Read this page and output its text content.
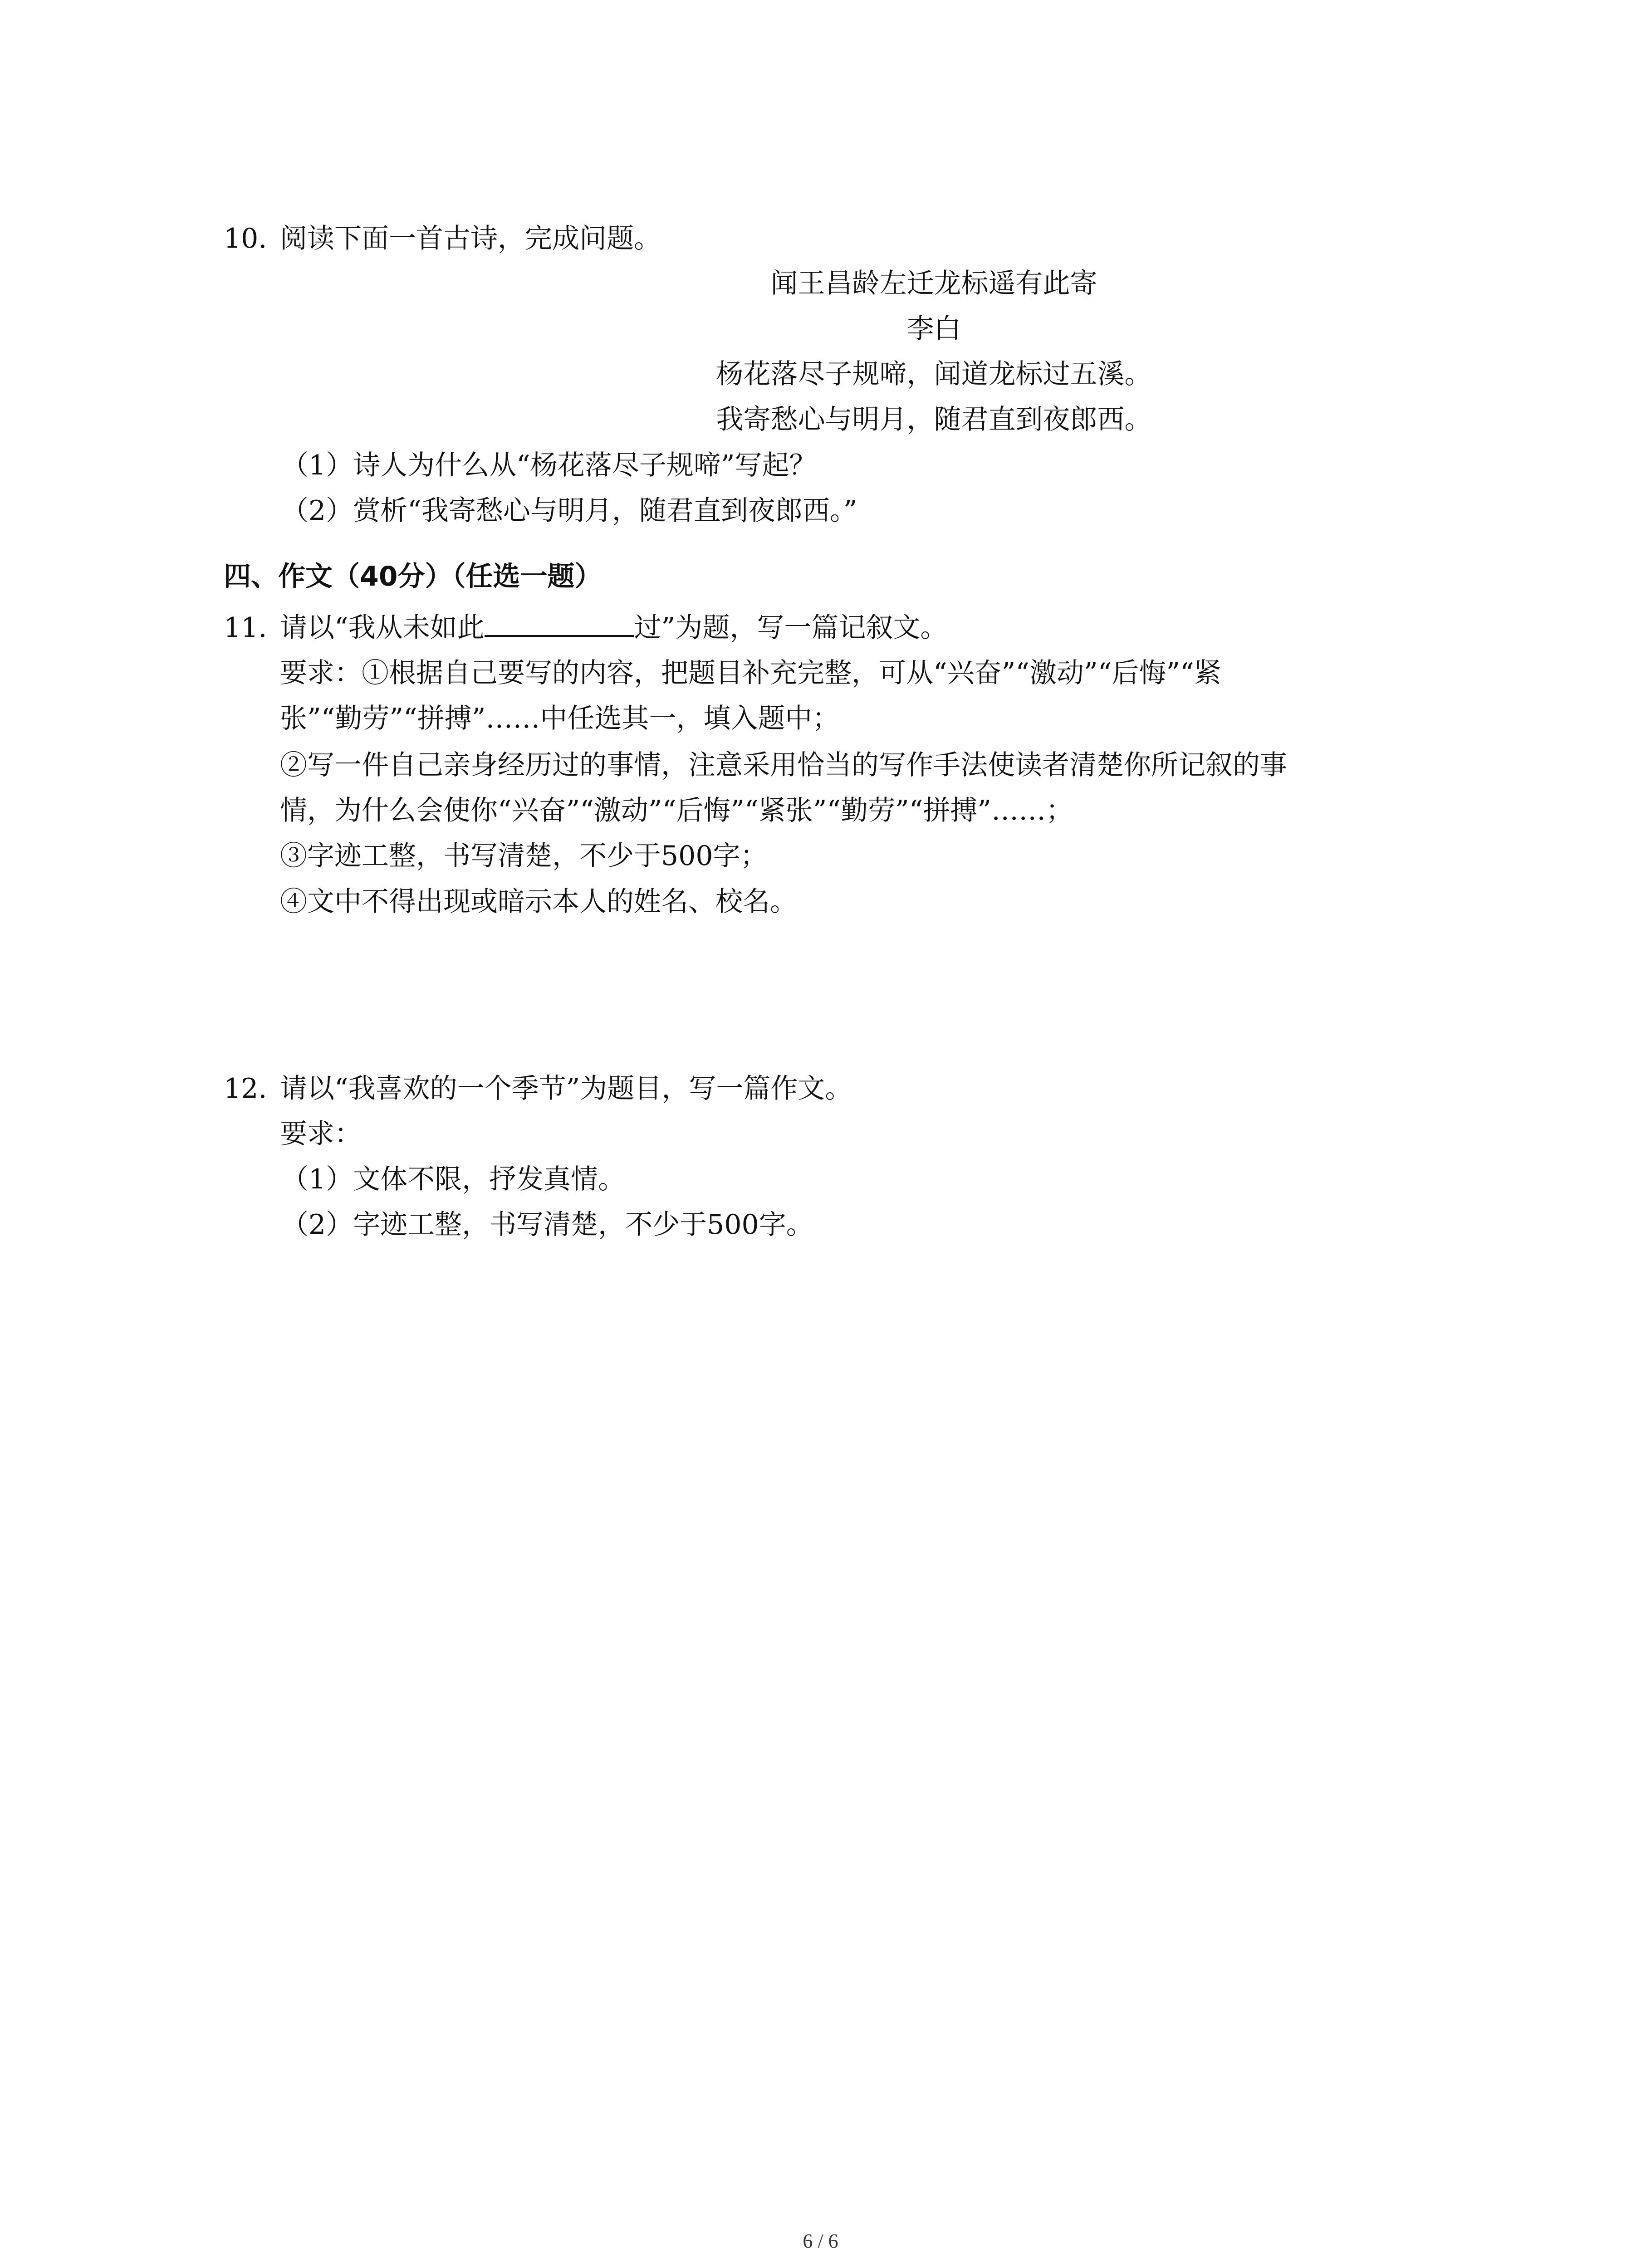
10. 阅读下面一首古诗，完成问题。
闻王昌龄左迁龙标遥有此寄
李白
杨花落尽子规啼，闻道龙标过五溪。
我寄愁心与明月，随君直到夜郎西。
（1）诗人为什么从“杨花落尽子规啼”写起？
（2）赏析“我寄愁心与明月，随君直到夜郎西。”
四、作文（40分）（任选一题）
11. 请以“我从未如此	过”为题，写一篇记叙文。
要求：①根据自己要写的内容，把题目补充完整，可从“兴奋”“激动”“后悔”“紧
张”“勤劳”“拼搏”……中任选其一，填入题中；
②写一件自己亲身经历过的事情，注意采用恰当的写作手法使读者清楚你所记叙的事
情，为什么会使你“兴奋”“激动”“后悔”“紧张”“勤劳”“拼搏”……；
③字迹工整，书写清楚，不少于500字；
④文中不得出现或暗示本人的姓名、校名。
12. 请以“我喜欢的一个季节”为题目，写一篇作文。
要求：
（1）文体不限，抒发真情。
（2）字迹工整，书写清楚，不少于500字。
6 / 6
